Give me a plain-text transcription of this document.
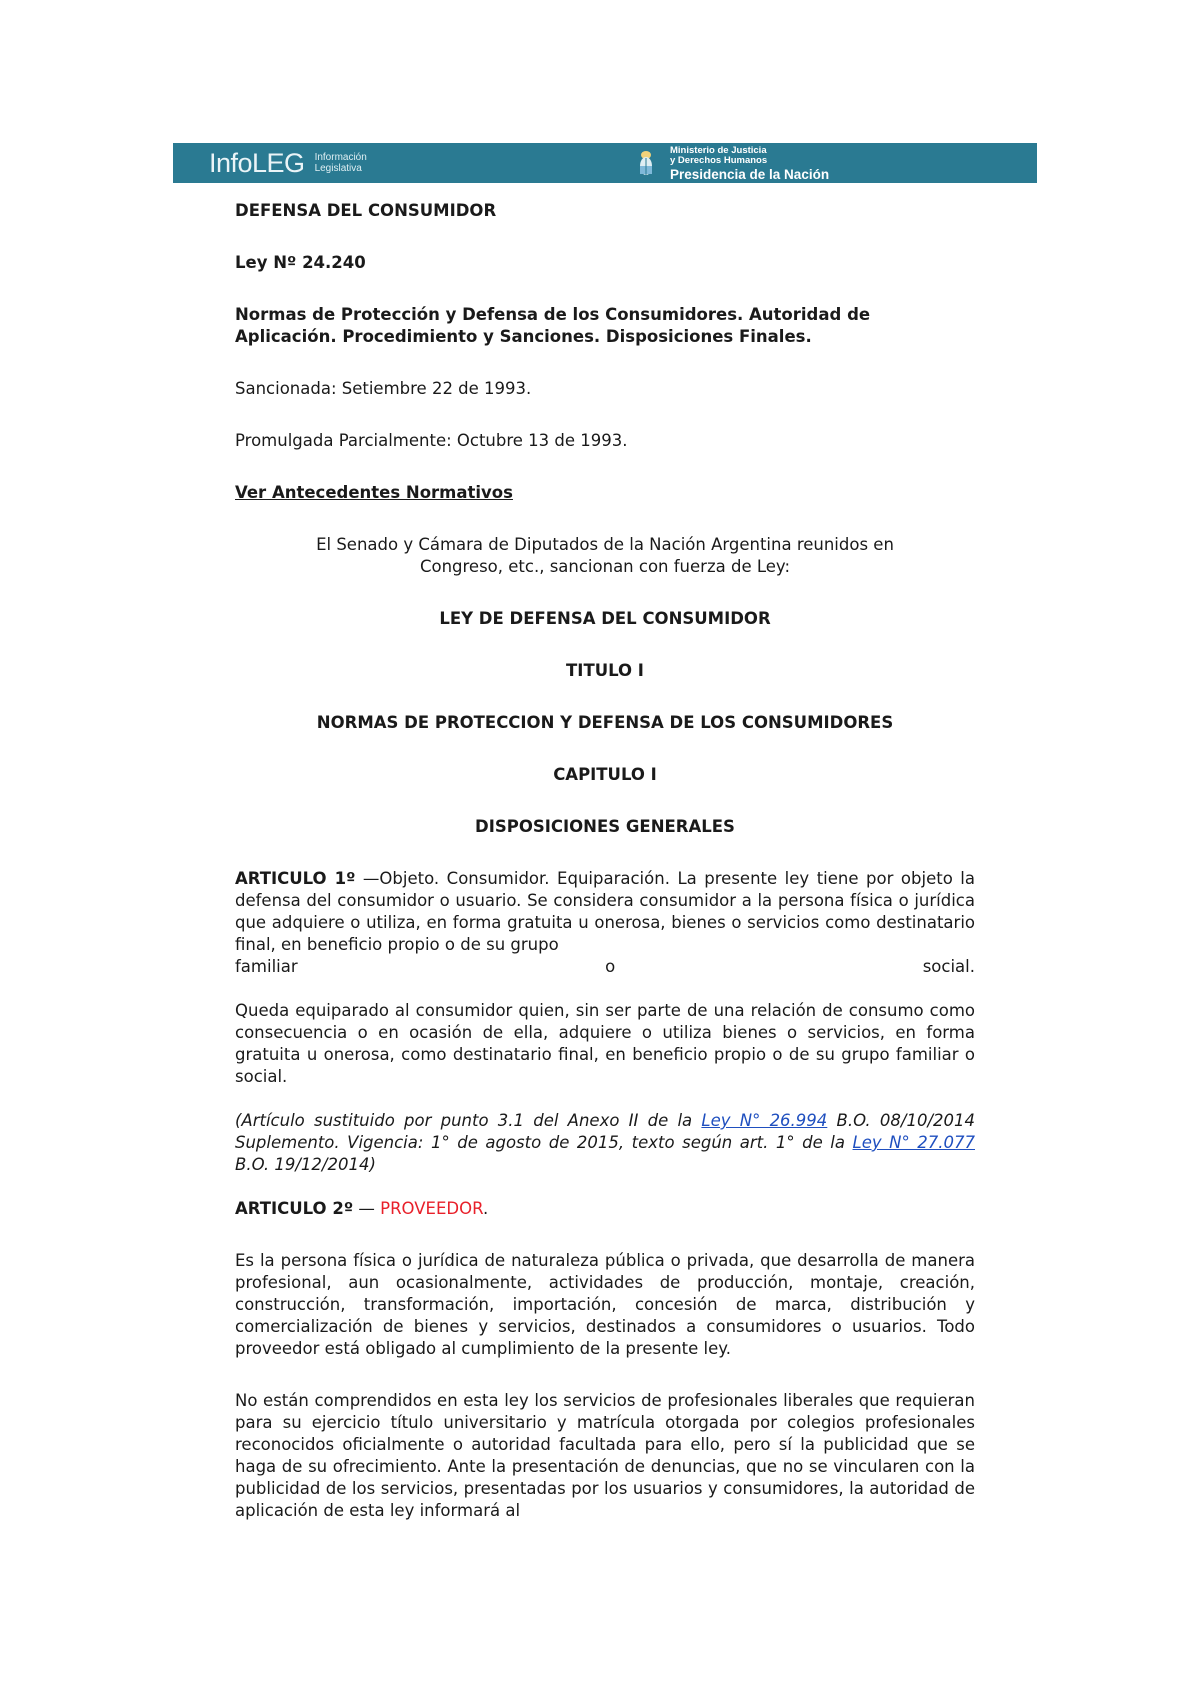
InfoLEG Información
Legislativa
Ministerio de Justicia
y Derechos Humanos
Presidencia de la Nación

DEFENSA DEL CONSUMIDOR

Ley Nº 24.240

Normas de Protección y Defensa de los Consumidores. Autoridad de
Aplicación. Procedimiento y Sanciones. Disposiciones Finales.

Sancionada: Setiembre 22 de 1993.

Promulgada Parcialmente: Octubre 13 de 1993.

Ver Antecedentes Normativos

El Senado y Cámara de Diputados de la Nación Argentina reunidos en
Congreso, etc., sancionan con fuerza de Ley:

LEY DE DEFENSA DEL CONSUMIDOR

TITULO I

NORMAS DE PROTECCION Y DEFENSA DE LOS CONSUMIDORES

CAPITULO I

DISPOSICIONES GENERALES

ARTICULO 1º —Objeto. Consumidor. Equiparación. La presente ley tiene por objeto la defensa del consumidor o usuario. Se considera consumidor a la persona física o jurídica que adquiere o utiliza, en forma gratuita u onerosa, bienes o servicios como destinatario final, en beneficio propio o de su grupo

familiar o social.

Queda equiparado al consumidor quien, sin ser parte de una relación de consumo como consecuencia o en ocasión de ella, adquiere o utiliza bienes o servicios, en forma gratuita u onerosa, como destinatario final, en beneficio propio o de su grupo familiar o social.

(Artículo sustituido por punto 3.1 del Anexo II de la Ley N° 26.994 B.O. 08/10/2014 Suplemento. Vigencia: 1° de agosto de 2015, texto según art. 1° de la Ley N° 27.077 B.O. 19/12/2014)

ARTICULO 2º — PROVEEDOR.

Es la persona física o jurídica de naturaleza pública o privada, que desarrolla de manera profesional, aun ocasionalmente, actividades de producción, montaje, creación, construcción, transformación, importación, concesión de marca, distribución y comercialización de bienes y servicios, destinados a consumidores o usuarios. Todo proveedor está obligado al cumplimiento de la presente ley.

No están comprendidos en esta ley los servicios de profesionales liberales que requieran para su ejercicio título universitario y matrícula otorgada por colegios profesionales reconocidos oficialmente o autoridad facultada para ello, pero sí la publicidad que se haga de su ofrecimiento. Ante la presentación de denuncias, que no se vincularen con la publicidad de los servicios, presentadas por los usuarios y consumidores, la autoridad de aplicación de esta ley informará al
